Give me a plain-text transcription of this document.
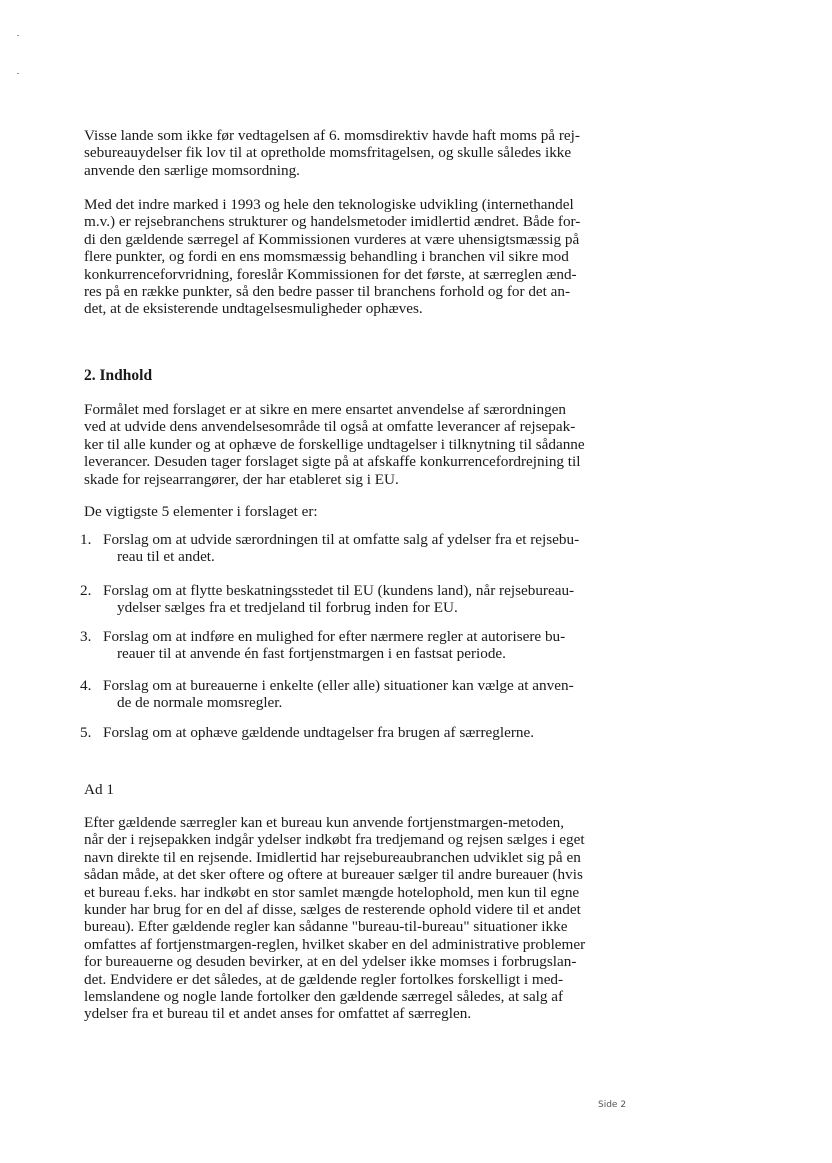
Visse lande som ikke før vedtagelsen af 6. momsdirektiv havde haft moms på rej-
sebureauydelser fik lov til at opretholde momsfritagelsen, og skulle således ikke
anvende den særlige momsordning.
Med det indre marked i 1993 og hele den teknologiske udvikling (internethandel
m.v.) er rejsebranchens strukturer og handelsmetoder imidlertid ændret. Både for-
di den gældende særregel af Kommissionen vurderes at være uhensigtsmæssig på
flere punkter, og fordi en ens momsmæssig behandling i branchen vil sikre mod
konkurrenceforvridning, foreslår Kommissionen for det første, at særreglen ænd-
res på en række punkter, så den bedre passer til branchens forhold og for det an-
det, at de eksisterende undtagelsesmuligheder ophæves.
2. Indhold
Formålet med forslaget er at sikre en mere ensartet anvendelse af særordningen
ved at udvide dens anvendelsesområde til også at omfatte leverancer af rejsepak-
ker til alle kunder og at ophæve de forskellige undtagelser i tilknytning til sådanne
leverancer. Desuden tager forslaget sigte på at afskaffe konkurrencefordrejning til
skade for rejsearrangører, der har etableret sig i EU.
De vigtigste 5 elementer i forslaget er:
1. Forslag om at udvide særordningen til at omfatte salg af ydelser fra et rejsebu-
reau til et andet.
2. Forslag om at flytte beskatningsstedet til EU (kundens land), når rejsebureau-
ydelser sælges fra et tredjeland til forbrug inden for EU.
3. Forslag om at indføre en mulighed for efter nærmere regler at autorisere bu-
reauer til at anvende én fast fortjenstmargen i en fastsat periode.
4. Forslag om at bureauerne i enkelte (eller alle) situationer kan vælge at anven-
de de normale momsregler.
5. Forslag om at ophæve gældende undtagelser fra brugen af særreglerne.
Ad 1
Efter gældende særregler kan et bureau kun anvende fortjenstmargen-metoden,
når der i rejsepakken indgår ydelser indkøbt fra tredjemand og rejsen sælges i eget
navn direkte til en rejsende. Imidlertid har rejsebureaubranchen udviklet sig på en
sådan måde, at det sker oftere og oftere at bureauer sælger til andre bureauer (hvis
et bureau f.eks. har indkøbt en stor samlet mængde hotelophold, men kun til egne
kunder har brug for en del af disse, sælges de resterende ophold videre til et andet
bureau). Efter gældende regler kan sådanne "bureau-til-bureau" situationer ikke
omfattes af fortjenstmargen-reglen, hvilket skaber en del administrative problemer
for bureauerne og desuden bevirker, at en del ydelser ikke momses i forbrugslan-
det. Endvidere er det således, at de gældende regler fortolkes forskelligt i med-
lemslandene og nogle lande fortolker den gældende særregel således, at salg af
ydelser fra et bureau til et andet anses for omfattet af særreglen.
Side 2
